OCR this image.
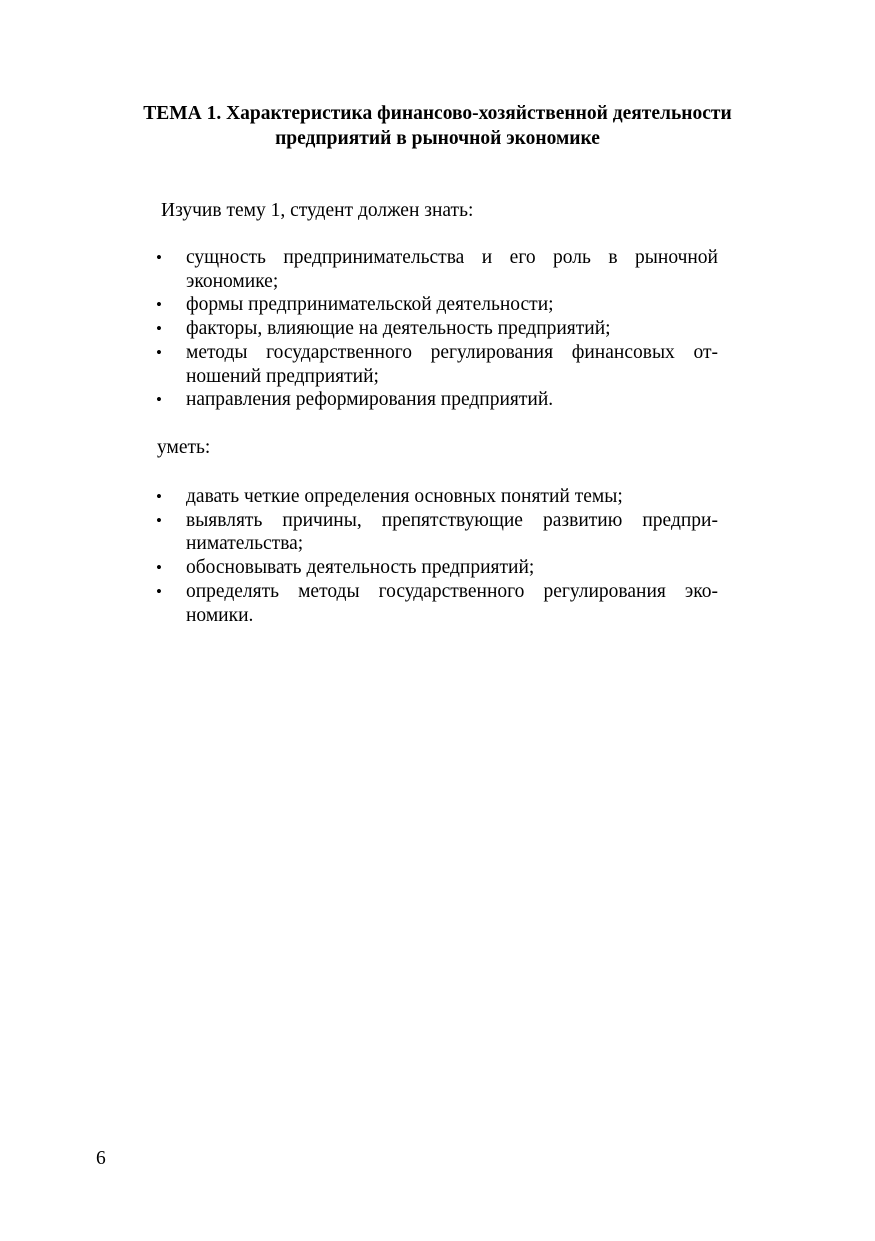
ТЕМА 1. Характеристика финансово-хозяйственной деятельности
предприятий в рыночной экономике

Изучив тему 1, студент должен знать:

•	сущность предпринимательства и его роль в рыночной экономике;
•	формы предпринимательской деятельности;
•	факторы, влияющие на деятельность предприятий;
•	методы государственного регулирования финансовых отношений предприятий;
•	направления реформирования предприятий.

уметь:

•	давать четкие определения основных понятий темы;
•	выявлять причины, препятствующие развитию предпринимательства;
•	обосновывать деятельность предприятий;
•	определять методы государственного регулирования экономики.

6
